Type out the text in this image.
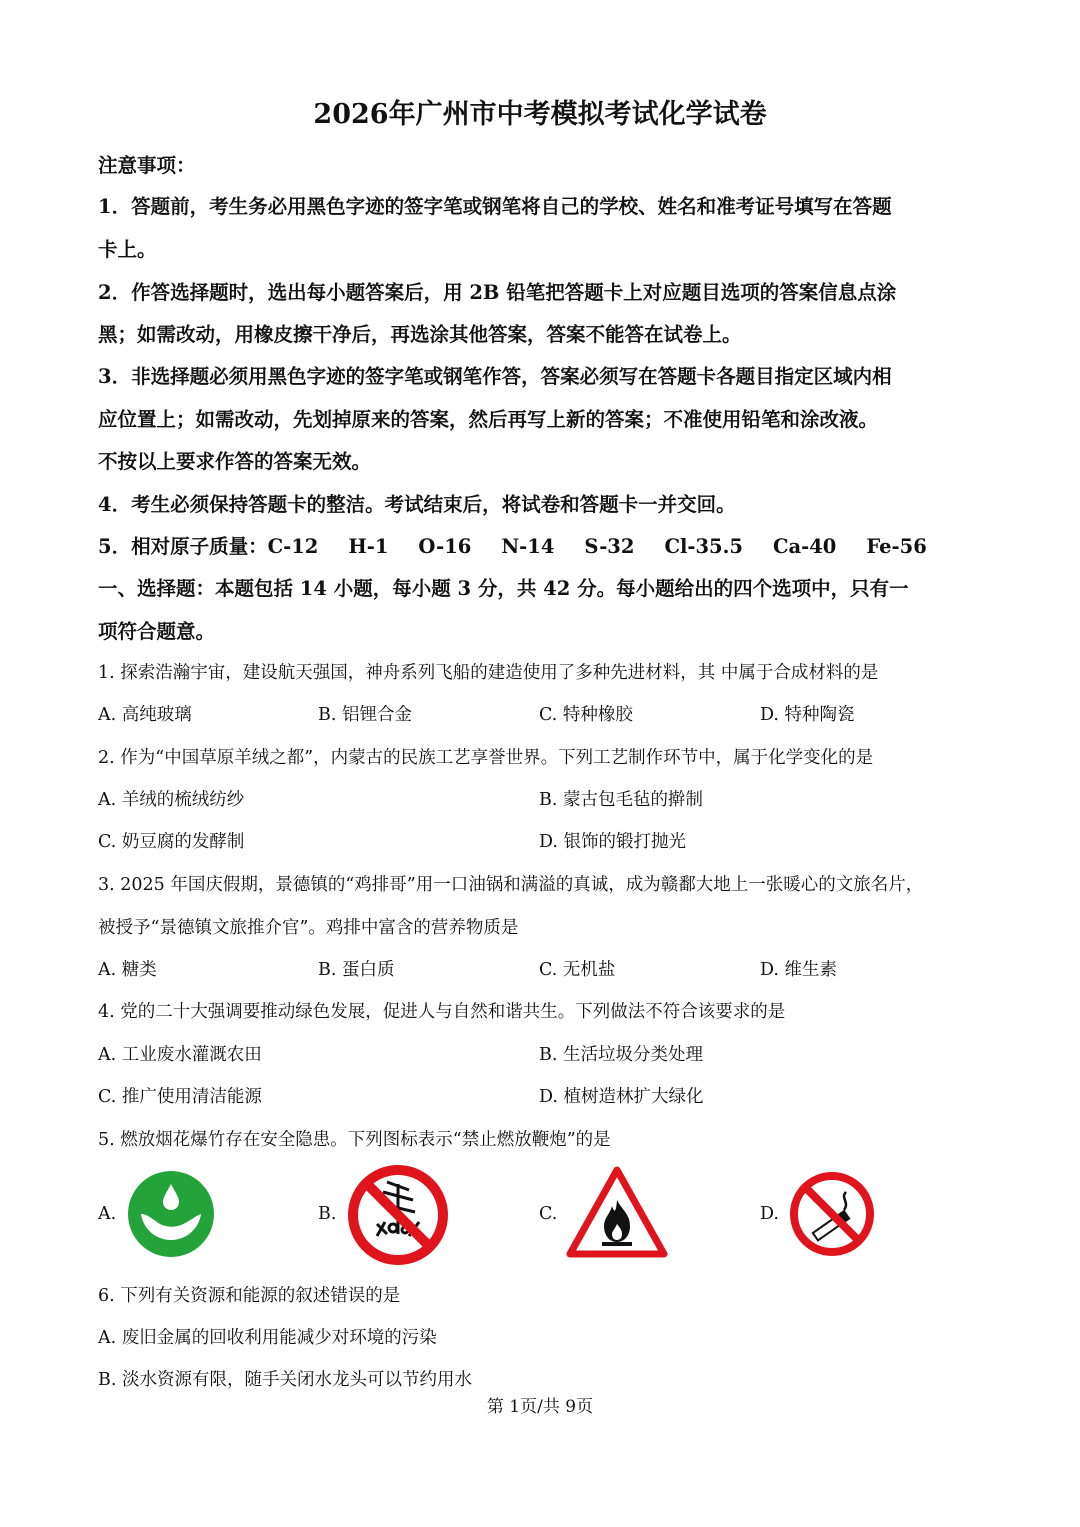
2026年广州市中考模拟考试化学试卷
注意事项：
1．答题前，考生务必用黑色字迹的签字笔或钢笔将自己的学校、姓名和准考证号填写在答题
卡上。
2．作答选择题时，选出每小题答案后，用 2B 铅笔把答题卡上对应题目选项的答案信息点涂
黑；如需改动，用橡皮擦干净后，再选涂其他答案，答案不能答在试卷上。
3．非选择题必须用黑色字迹的签字笔或钢笔作答，答案必须写在答题卡各题目指定区域内相
应位置上；如需改动，先划掉原来的答案，然后再写上新的答案；不准使用铅笔和涂改液。
不按以上要求作答的答案无效。
4．考生必须保持答题卡的整洁。考试结束后，将试卷和答题卡一并交回。
5．相对原子质量：C-12 H-1 O-16 N-14 S-32 Cl-35.5 Ca-40 Fe-56
一、选择题：本题包括 14 小题，每小题 3 分，共 42 分。每小题给出的四个选项中，只有一
项符合题意。
1. 探索浩瀚宇宙，建设航天强国，神舟系列飞船的建造使用了多种先进材料，其 中属于合成材料的是
A. 高纯玻璃	B. 铝锂合金	C. 特种橡胶	D. 特种陶瓷
2. 作为“中国草原羊绒之都”，内蒙古的民族工艺享誉世界。下列工艺制作环节中，属于化学变化的是
A. 羊绒的梳绒纺纱	B. 蒙古包毛毡的擀制
C. 奶豆腐的发酵制	D. 银饰的锻打抛光
3. 2025 年国庆假期，景德镇的“鸡排哥”用一口油锅和满溢的真诚，成为赣鄱大地上一张暖心的文旅名片，
被授予“景德镇文旅推介官”。鸡排中富含的营养物质是
A. 糖类	B. 蛋白质	C. 无机盐	D. 维生素
4. 党的二十大强调要推动绿色发展，促进人与自然和谐共生。下列做法不符合该要求的是
A. 工业废水灌溉农田	B. 生活垃圾分类处理
C. 推广使用清洁能源	D. 植树造林扩大绿化
5. 燃放烟花爆竹存在安全隐患。下列图标表示“禁止燃放鞭炮”的是
A.	B.	C.	D.
6. 下列有关资源和能源的叙述错误的是
A. 废旧金属的回收利用能减少对环境的污染
B. 淡水资源有限，随手关闭水龙头可以节约用水
第 1页/共 9页
